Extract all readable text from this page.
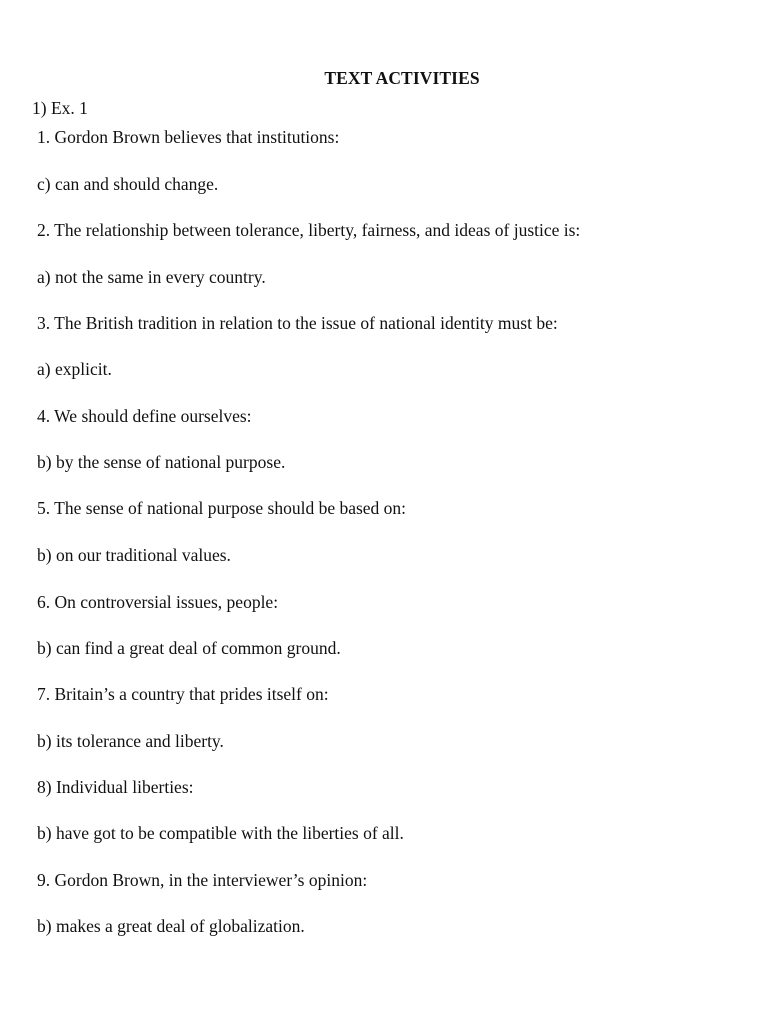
TEXT ACTIVITIES
1) Ex. 1
1. Gordon Brown believes that institutions:
c) can and should change.
2. The relationship between tolerance, liberty, fairness, and ideas of justice is:
a) not the same in every country.
3. The British tradition in relation to the issue of national identity must be:
a) explicit.
4. We should define ourselves:
b) by the sense of national purpose.
5. The sense of national purpose should be based on:
b) on our traditional values.
6. On controversial issues, people:
b) can find a great deal of common ground.
7. Britain’s a country that prides itself on:
b) its tolerance and liberty.
8) Individual liberties:
b) have got to be compatible with the liberties of all.
9. Gordon Brown, in the interviewer’s opinion:
b) makes a great deal of globalization.
